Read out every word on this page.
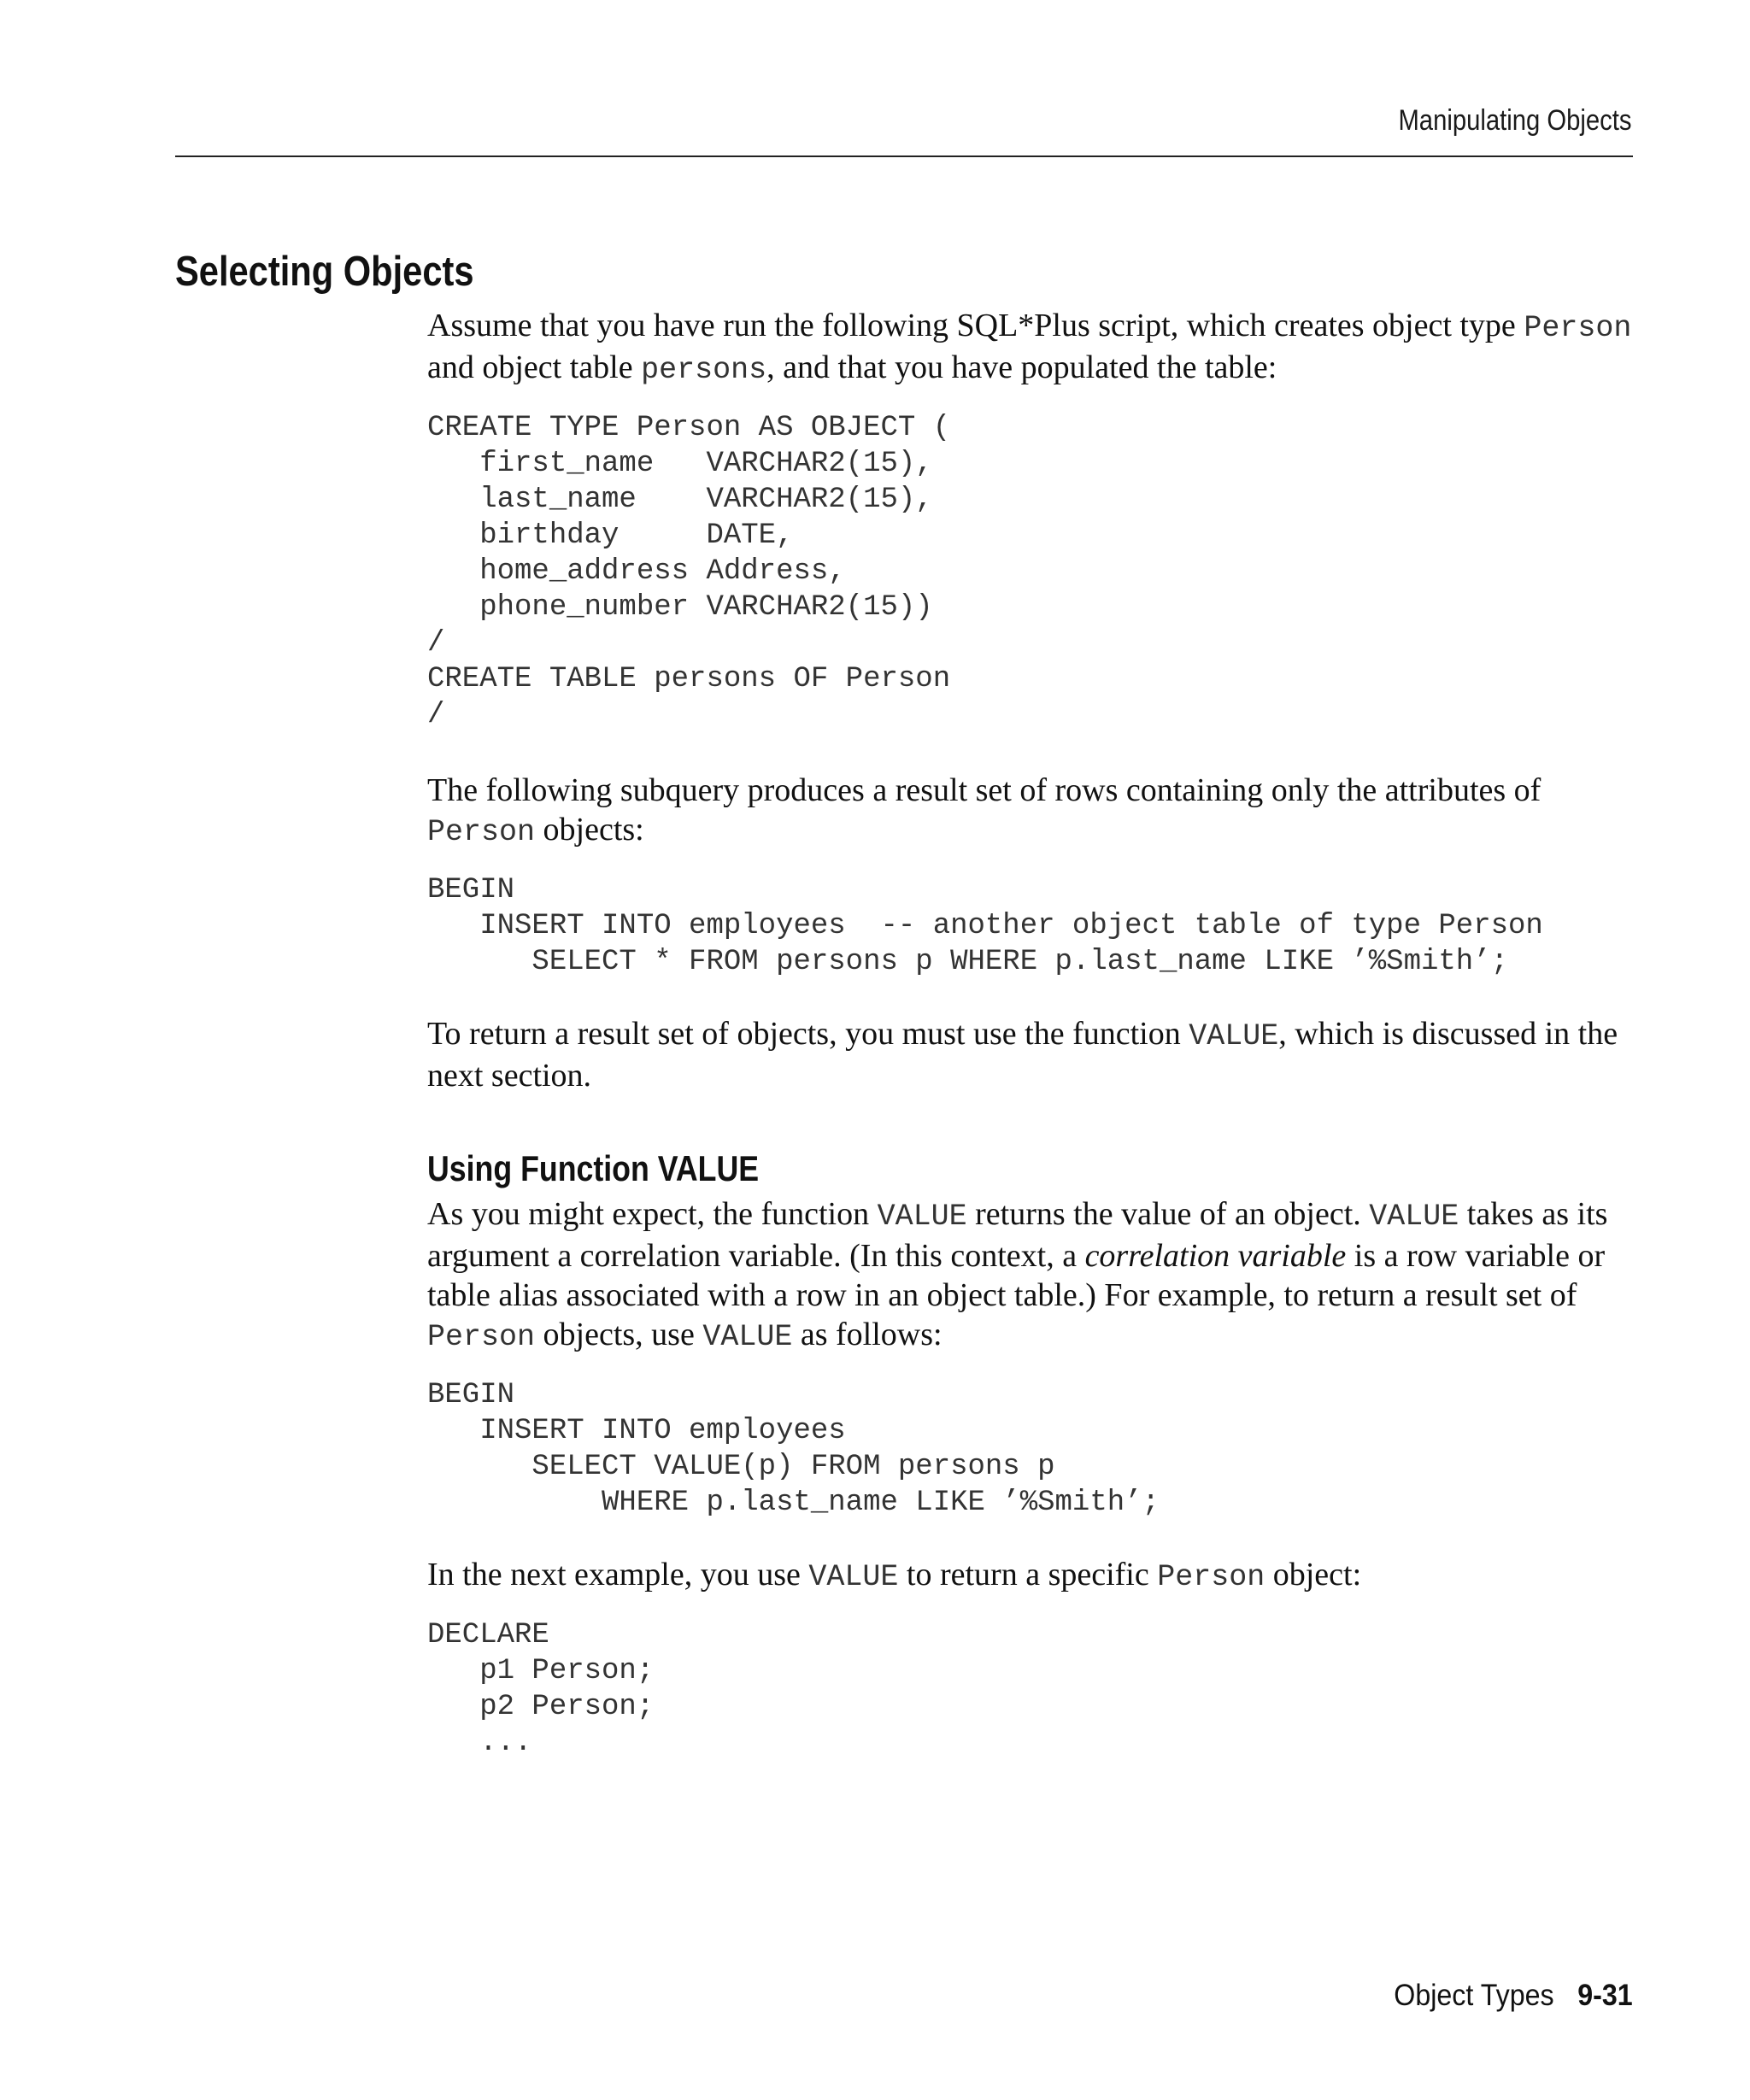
Manipulating Objects
Selecting Objects

Assume that you have run the following SQL*Plus script, which creates object type Person and object table persons, and that you have populated the table:

CREATE TYPE Person AS OBJECT (
first_name   VARCHAR2(15),
last_name    VARCHAR2(15),
birthday     DATE,
home_address Address,
phone_number VARCHAR2(15))
/
CREATE TABLE persons OF Person
/

The following subquery produces a result set of rows containing only the attributes of Person objects:

BEGIN
INSERT INTO employees  -- another object table of type Person
SELECT * FROM persons p WHERE p.last_name LIKE ’%Smith’;

To return a result set of objects, you must use the function VALUE, which is discussed in the next section.

Using Function VALUE

As you might expect, the function VALUE returns the value of an object. VALUE takes as its argument a correlation variable. (In this context, a correlation variable is a row variable or table alias associated with a row in an object table.) For example, to return a result set of Person objects, use VALUE as follows:

BEGIN
INSERT INTO employees
SELECT VALUE(p) FROM persons p
WHERE p.last_name LIKE ’%Smith’;

In the next example, you use VALUE to return a specific Person object:

DECLARE
p1 Person;
p2 Person;
...
Object Types 9-31
